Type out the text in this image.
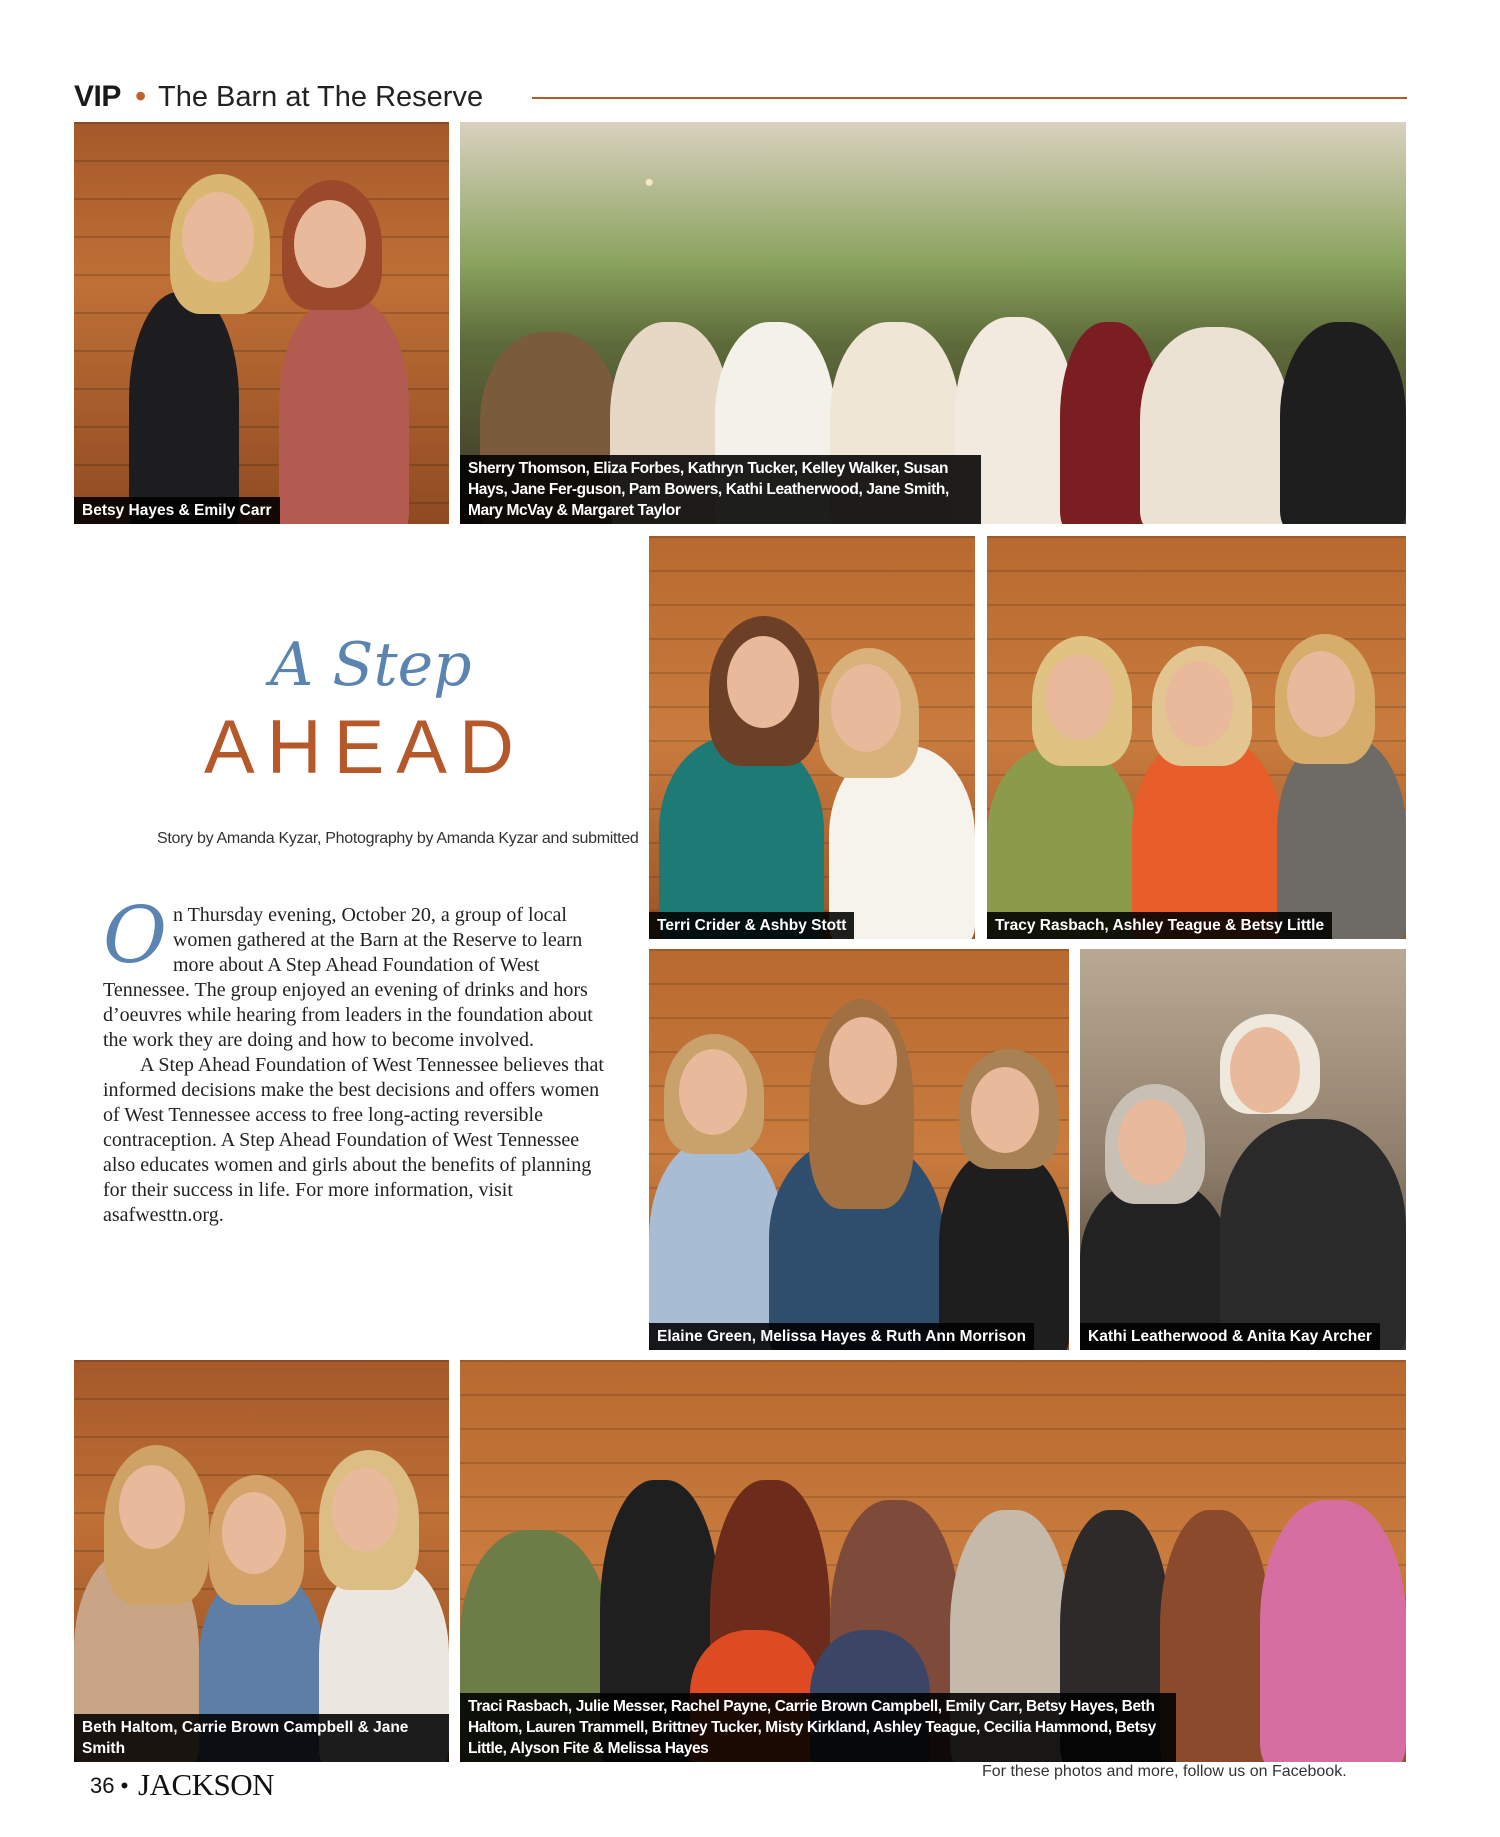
VIP • The Barn at The Reserve
Betsy Hayes & Emily Carr
Sherry Thomson, Eliza Forbes, Kathryn Tucker, Kelley Walker, Susan Hays, Jane Fer-guson, Pam Bowers, Kathi Leatherwood, Jane Smith, Mary McVay & Margaret Taylor
A Step
AHEAD
Story by Amanda Kyzar, Photography by Amanda Kyzar and submitted

O n Thursday evening, October 20, a group of local women gathered at the Barn at the Reserve to learn more about A Step Ahead Foundation of West Tennessee. The group enjoyed an evening of drinks and hors d’oeuvres while hearing from leaders in the foundation about the work they are doing and how to become involved.

A Step Ahead Foundation of West Tennessee believes that informed decisions make the best decisions and offers women of West Tennessee access to free long-acting reversible contraception. A Step Ahead Foundation of West Tennessee also educates women and girls about the benefits of planning for their success in life. For more information, visit asafwesttn.org.

Terri Crider & Ashby Stott	Tracy Rasbach, Ashley Teague & Betsy Little
Elaine Green, Melissa Hayes & Ruth Ann Morrison	Kathi Leatherwood & Anita Kay Archer
Beth Haltom, Carrie Brown Campbell & Jane Smith
Traci Rasbach, Julie Messer, Rachel Payne, Carrie Brown Campbell, Emily Carr, Betsy Hayes, Beth Haltom, Lauren Trammell, Brittney Tucker, Misty Kirkland, Ashley Teague, Cecilia Hammond, Betsy Little, Alyson Fite & Melissa Hayes
36 • JACKSON	For these photos and more, follow us on Facebook.
